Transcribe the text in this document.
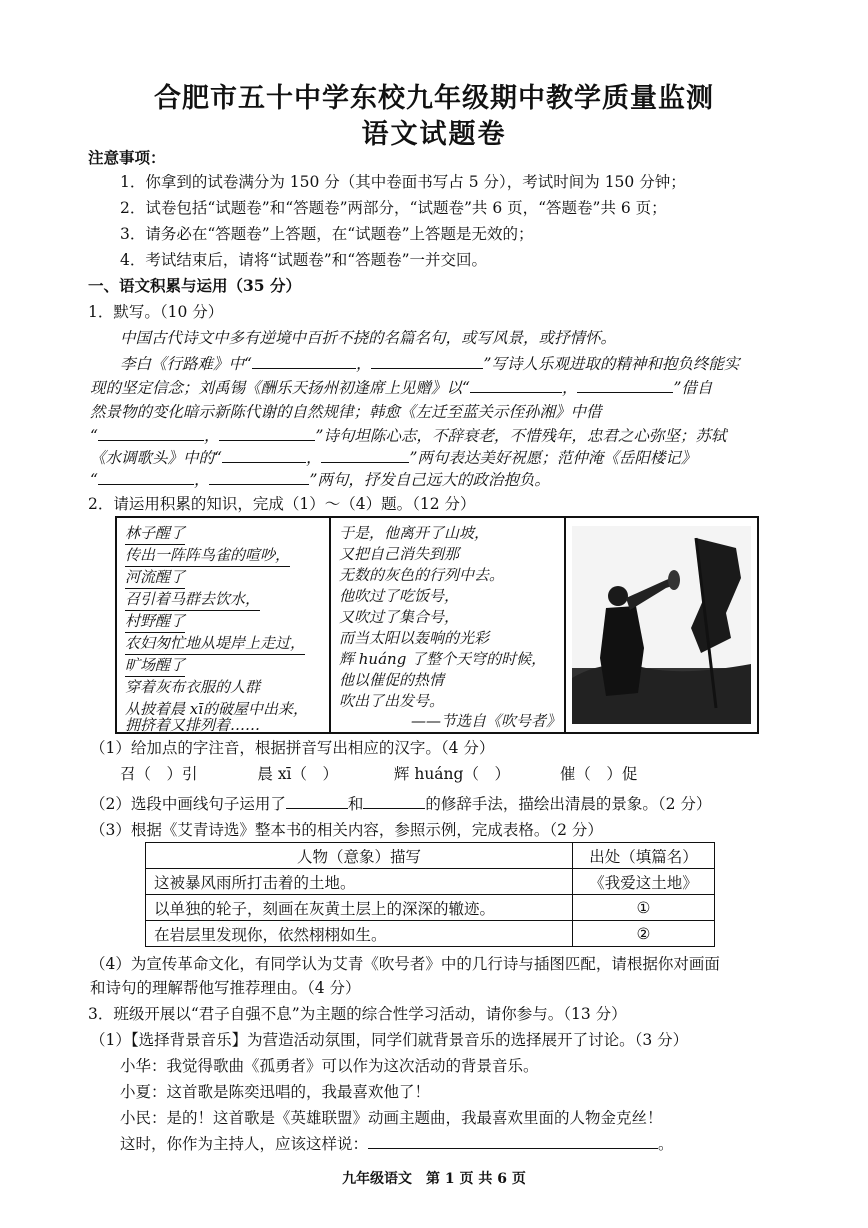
合肥市五十中学东校九年级期中教学质量监测
语文试题卷
注意事项：
1．你拿到的试卷满分为 150 分（其中卷面书写占 5 分），考试时间为 150 分钟；
2．试卷包括“试题卷”和“答题卷”两部分，“试题卷”共 6 页，“答题卷”共 6 页；
3．请务必在“答题卷”上答题，在“试题卷”上答题是无效的；
4．考试结束后，请将“试题卷”和“答题卷”一并交回。
一、语文积累与运用（35 分）
1．默写。（10 分）
中国古代诗文中多有逆境中百折不挠的名篇名句，或写风景，或抒情怀。
李白《行路难》中“	，	”写诗人乐观进取的精神和抱负终能实
现的坚定信念；刘禹锡《酬乐天扬州初逢席上见赠》以“	，	”借自
然景物的变化暗示新陈代谢的自然规律；韩愈《左迁至蓝关示侄孙湘》中借
“	，	”诗句坦陈心志，不辞衰老，不惜残年，忠君之心弥坚；苏轼
《水调歌头》中的“	，	”两句表达美好祝愿；范仲淹《岳阳楼记》
“	，	”两句，抒发自己远大的政治抱负。
2．请运用积累的知识，完成（1）～（4）题。（12 分）
林子醒了
传出一阵阵鸟雀的喧吵，
河流醒了
召引着马群去饮水，
村野醒了
农妇匆忙地从堤岸上走过，
旷场醒了
穿着灰布衣服的人群
从披着晨 xī的破屋中出来，
拥挤着又排列着……
于是，他离开了山坡，
又把自己消失到那
无数的灰色的行列中去。
他吹过了吃饭号，
又吹过了集合号，
而当太阳以轰响的光彩
辉 huáng 了整个天穹的时候，
他以催促的热情
吹出了出发号。
——节选自《吹号者》
（1）给加点的字注音，根据拼音写出相应的汉字。（4 分）
召（　）引	晨 xī（　）	辉 huáng（　）	催（　）促
（2）选段中画线句子运用了	和	的修辞手法，描绘出清晨的景象。（2 分）
（3）根据《艾青诗选》整本书的相关内容，参照示例，完成表格。（2 分）
人物（意象）描写	出处（填篇名）
这被暴风雨所打击着的土地。	《我爱这土地》
以单独的轮子，刻画在灰黄土层上的深深的辙迹。	①
在岩层里发现你，依然栩栩如生。	②
（4）为宣传革命文化，有同学认为艾青《吹号者》中的几行诗与插图匹配，请根据你对画面
和诗句的理解帮他写推荐理由。（4 分）
3．班级开展以“君子自强不息”为主题的综合性学习活动，请你参与。（13 分）
（1）【选择背景音乐】为营造活动氛围，同学们就背景音乐的选择展开了讨论。（3 分）
小华：我觉得歌曲《孤勇者》可以作为这次活动的背景音乐。
小夏：这首歌是陈奕迅唱的，我最喜欢他了！
小民：是的！这首歌是《英雄联盟》动画主题曲，我最喜欢里面的人物金克丝！
这时，你作为主持人，应该这样说：	。
九年级语文　第 1 页 共 6 页
